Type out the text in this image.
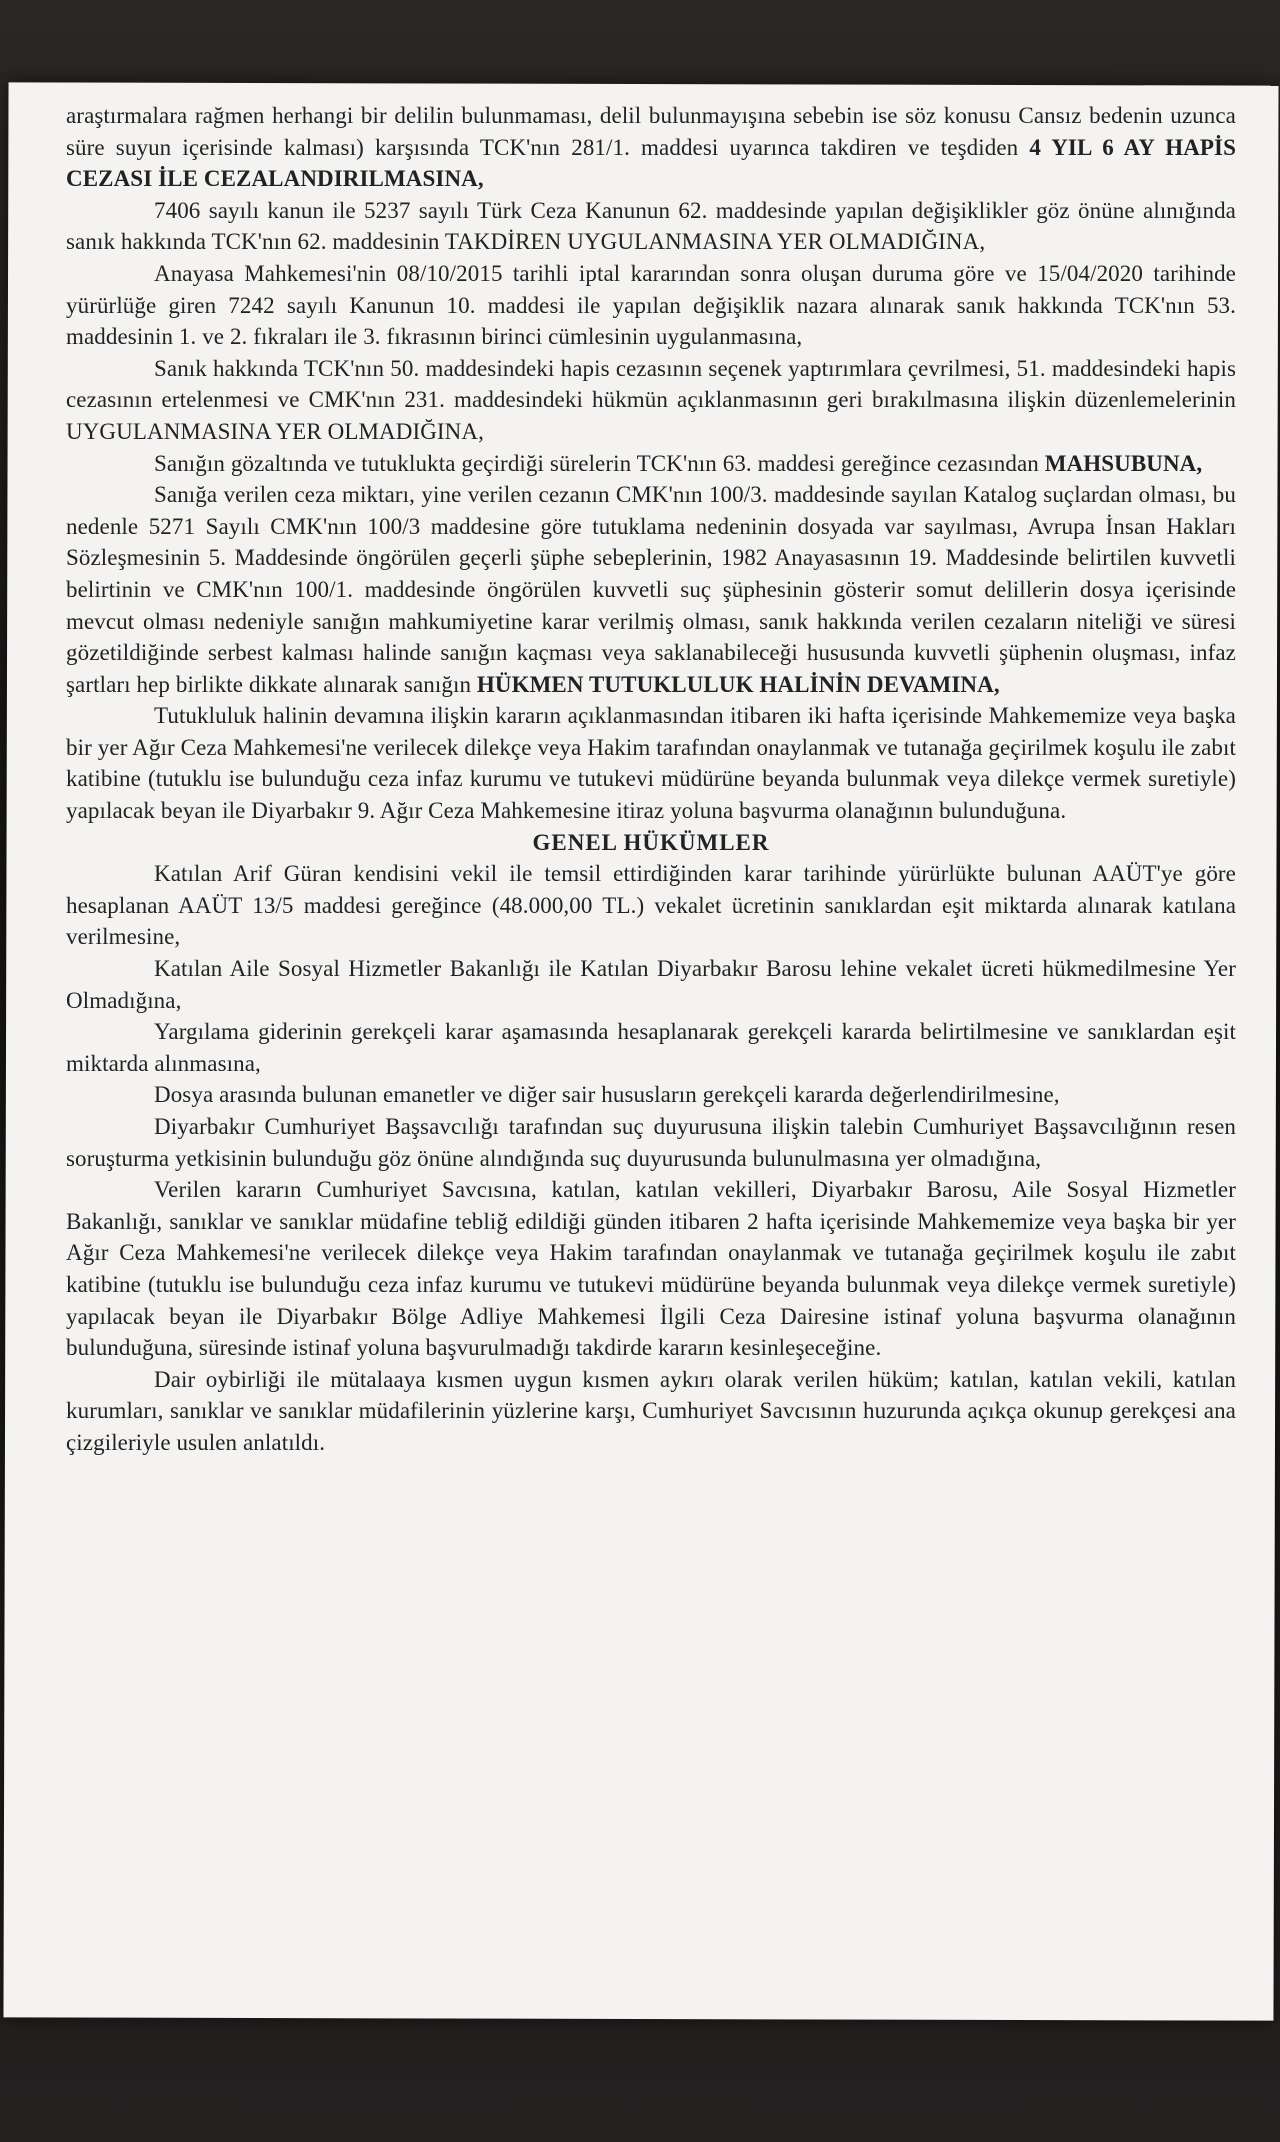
araştırmalara rağmen herhangi bir delilin bulunmaması, delil bulunmayışına sebebin ise söz konusu Cansız bedenin uzunca süre suyun içerisinde kalması) karşısında TCK'nın 281/1. maddesi uyarınca takdiren ve teşdiden 4 YIL 6 AY HAPİS CEZASI İLE CEZALANDIRILMASINA,

7406 sayılı kanun ile 5237 sayılı Türk Ceza Kanunun 62. maddesinde yapılan değişiklikler göz önüne alınığında sanık hakkında TCK'nın 62. maddesinin TAKDİREN UYGULANMASINA YER OLMADIĞINA,

Anayasa Mahkemesi'nin 08/10/2015 tarihli iptal kararından sonra oluşan duruma göre ve 15/04/2020 tarihinde yürürlüğe giren 7242 sayılı Kanunun 10. maddesi ile yapılan değişiklik nazara alınarak sanık hakkında TCK'nın 53. maddesinin 1. ve 2. fıkraları ile 3. fıkrasının birinci cümlesinin uygulanmasına,

Sanık hakkında TCK'nın 50. maddesindeki hapis cezasının seçenek yaptırımlara çevrilmesi, 51. maddesindeki hapis cezasının ertelenmesi ve CMK'nın 231. maddesindeki hükmün açıklanmasının geri bırakılmasına ilişkin düzenlemelerinin UYGULANMASINA YER OLMADIĞINA,

Sanığın gözaltında ve tutuklukta geçirdiği sürelerin TCK'nın 63. maddesi gereğince cezasından MAHSUBUNA,

Sanığa verilen ceza miktarı, yine verilen cezanın CMK'nın 100/3. maddesinde sayılan Katalog suçlardan olması, bu nedenle 5271 Sayılı CMK'nın 100/3 maddesine göre tutuklama nedeninin dosyada var sayılması, Avrupa İnsan Hakları Sözleşmesinin 5. Maddesinde öngörülen geçerli şüphe sebeplerinin, 1982 Anayasasının 19. Maddesinde belirtilen kuvvetli belirtinin ve CMK'nın 100/1. maddesinde öngörülen kuvvetli suç şüphesinin gösterir somut delillerin dosya içerisinde mevcut olması nedeniyle sanığın mahkumiyetine karar verilmiş olması, sanık hakkında verilen cezaların niteliği ve süresi gözetildiğinde serbest kalması halinde sanığın kaçması veya saklanabileceği hususunda kuvvetli şüphenin oluşması, infaz şartları hep birlikte dikkate alınarak sanığın HÜKMEN TUTUKLULUK HALİNİN DEVAMINA,

Tutukluluk halinin devamına ilişkin kararın açıklanmasından itibaren iki hafta içerisinde Mahkememize veya başka bir yer Ağır Ceza Mahkemesi'ne verilecek dilekçe veya Hakim tarafından onaylanmak ve tutanağa geçirilmek koşulu ile zabıt katibine (tutuklu ise bulunduğu ceza infaz kurumu ve tutukevi müdürüne beyanda bulunmak veya dilekçe vermek suretiyle) yapılacak beyan ile Diyarbakır 9. Ağır Ceza Mahkemesine itiraz yoluna başvurma olanağının bulunduğuna.

GENEL HÜKÜMLER

Katılan Arif Güran kendisini vekil ile temsil ettirdiğinden karar tarihinde yürürlükte bulunan AAÜT'ye göre hesaplanan AAÜT 13/5 maddesi gereğince (48.000,00 TL.) vekalet ücretinin sanıklardan eşit miktarda alınarak katılana verilmesine,

Katılan Aile Sosyal Hizmetler Bakanlığı ile Katılan Diyarbakır Barosu lehine vekalet ücreti hükmedilmesine Yer Olmadığına,

Yargılama giderinin gerekçeli karar aşamasında hesaplanarak gerekçeli kararda belirtilmesine ve sanıklardan eşit miktarda alınmasına,

Dosya arasında bulunan emanetler ve diğer sair hususların gerekçeli kararda değerlendirilmesine,

Diyarbakır Cumhuriyet Başsavcılığı tarafından suç duyurusuna ilişkin talebin Cumhuriyet Başsavcılığının resen soruşturma yetkisinin bulunduğu göz önüne alındığında suç duyurusunda bulunulmasına yer olmadığına,

Verilen kararın Cumhuriyet Savcısına, katılan, katılan vekilleri, Diyarbakır Barosu, Aile Sosyal Hizmetler Bakanlığı, sanıklar ve sanıklar müdafine tebliğ edildiği günden itibaren 2 hafta içerisinde Mahkememize veya başka bir yer Ağır Ceza Mahkemesi'ne verilecek dilekçe veya Hakim tarafından onaylanmak ve tutanağa geçirilmek koşulu ile zabıt katibine (tutuklu ise bulunduğu ceza infaz kurumu ve tutukevi müdürüne beyanda bulunmak veya dilekçe vermek suretiyle) yapılacak beyan ile Diyarbakır Bölge Adliye Mahkemesi İlgili Ceza Dairesine istinaf yoluna başvurma olanağının bulunduğuna, süresinde istinaf yoluna başvurulmadığı takdirde kararın kesinleşeceğine.

Dair oybirliği ile mütalaaya kısmen uygun kısmen aykırı olarak verilen hüküm; katılan, katılan vekili, katılan kurumları, sanıklar ve sanıklar müdafilerinin yüzlerine karşı, Cumhuriyet Savcısının huzurunda açıkça okunup gerekçesi ana çizgileriyle usulen anlatıldı.
